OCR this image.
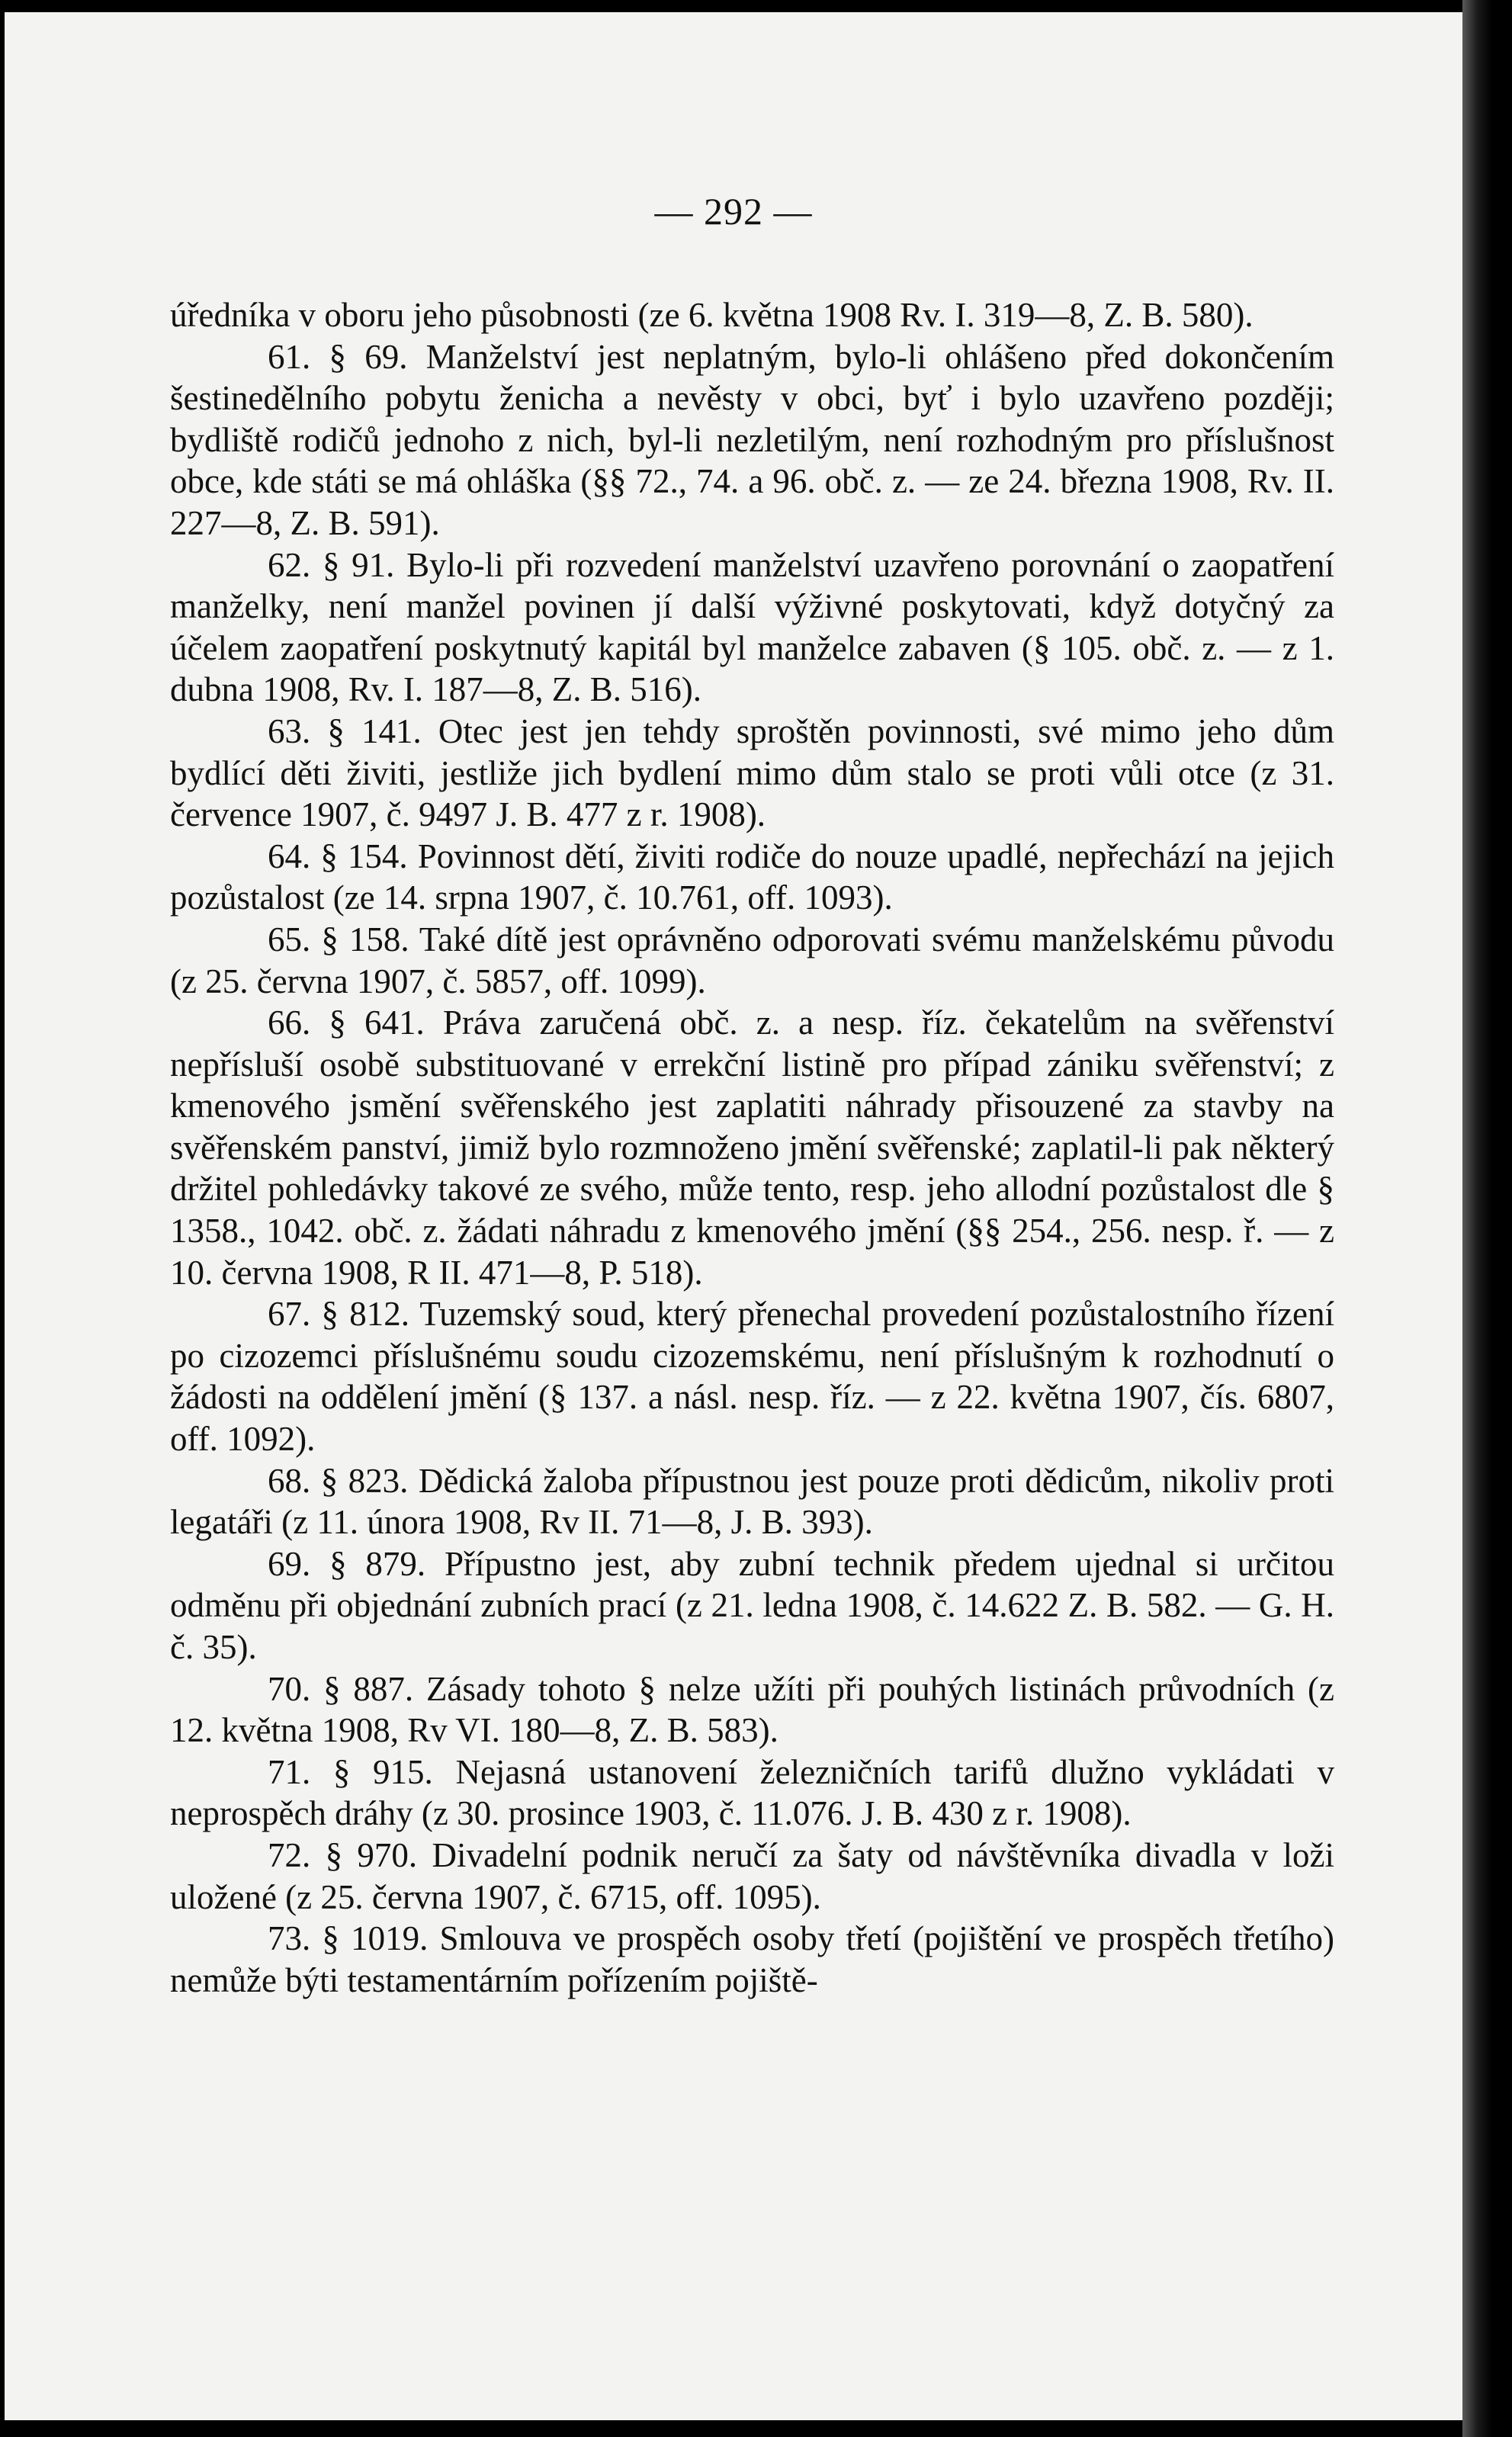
— 292 —

úředníka v oboru jeho působnosti (ze 6. května 1908 Rv. I. 319—8, Z. B. 580).

61. § 69. Manželství jest neplatným, bylo-li ohlášeno před dokončením šestinedělního pobytu ženicha a nevěsty v obci, byť i bylo uzavřeno později; bydliště rodičů jednoho z nich, byl-li nezletilým, není rozhodným pro příslušnost obce, kde státi se má ohláška (§§ 72., 74. a 96. obč. z. — ze 24. března 1908, Rv. II. 227—8, Z. B. 591).

62. § 91. Bylo-li při rozvedení manželství uzavřeno porovnání o zaopatření manželky, není manžel povinen jí další výživné poskytovati, když dotyčný za účelem zaopatření poskytnutý kapitál byl manželce zabaven (§ 105. obč. z. — z 1. dubna 1908, Rv. I. 187—8, Z. B. 516).

63. § 141. Otec jest jen tehdy sproštěn povinnosti, své mimo jeho dům bydlící děti živiti, jestliže jich bydlení mimo dům stalo se proti vůli otce (z 31. července 1907, č. 9497 J. B. 477 z r. 1908).

64. § 154. Povinnost dětí, živiti rodiče do nouze upadlé, nepřechází na jejich pozůstalost (ze 14. srpna 1907, č. 10.761, off. 1093).

65. § 158. Také dítě jest oprávněno odporovati svému manželskému původu (z 25. června 1907, č. 5857, off. 1099).

66. § 641. Práva zaručená obč. z. a nesp. říz. čekatelům na svěřenství nepřísluší osobě substituované v errekční listině pro případ zániku svěřenství; z kmenového jsmění svěřenského jest zaplatiti náhrady přisouzené za stavby na svěřenském panství, jimiž bylo rozmnoženo jmění svěřenské; zaplatil-li pak některý držitel pohledávky takové ze svého, může tento, resp. jeho allodní pozůstalost dle § 1358., 1042. obč. z. žádati náhradu z kmenového jmění (§§ 254., 256. nesp. ř. — z 10. června 1908, R II. 471—8, P. 518).

67. § 812. Tuzemský soud, který přenechal provedení pozůstalostního řízení po cizozemci příslušnému soudu cizozemskému, není příslušným k rozhodnutí o žádosti na oddělení jmění (§ 137. a násl. nesp. říz. — z 22. května 1907, čís. 6807, off. 1092).

68. § 823. Dědická žaloba přípustnou jest pouze proti dědicům, nikoliv proti legatáři (z 11. února 1908, Rv II. 71—8, J. B. 393).

69. § 879. Přípustno jest, aby zubní technik předem ujednal si určitou odměnu při objednání zubních prací (z 21. ledna 1908, č. 14.622 Z. B. 582. — G. H. č. 35).

70. § 887. Zásady tohoto § nelze užíti při pouhých listinách průvodních (z 12. května 1908, Rv VI. 180—8, Z. B. 583).

71. § 915. Nejasná ustanovení železničních tarifů dlužno vykládati v neprospěch dráhy (z 30. prosince 1903, č. 11.076. J. B. 430 z r. 1908).

72. § 970. Divadelní podnik neručí za šaty od návštěvníka divadla v loži uložené (z 25. června 1907, č. 6715, off. 1095).

73. § 1019. Smlouva ve prospěch osoby třetí (pojištění ve prospěch třetího) nemůže býti testamentárním pořízením pojiště-
